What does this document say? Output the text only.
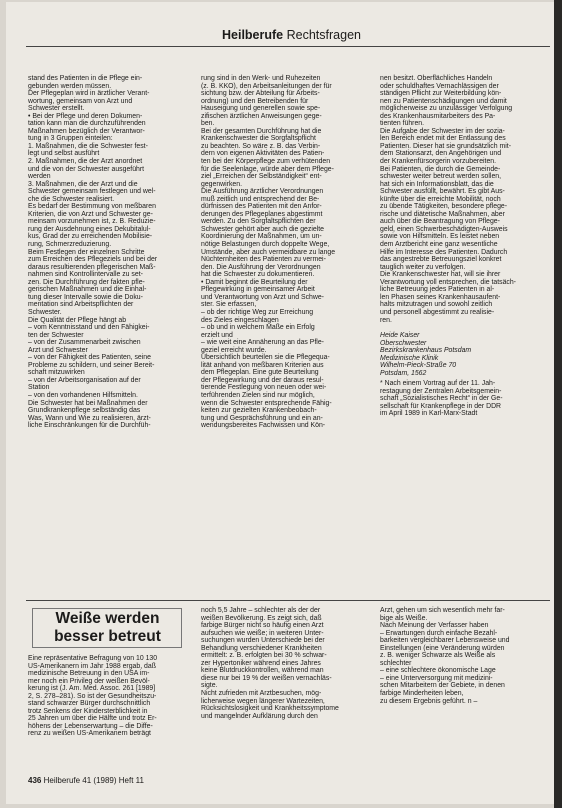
Heilberufe Rechtsfragen

stand des Patienten in die Pflege ein-

gebunden werden müssen.

Der Pflegeplan wird in ärztlicher Verant-

wortung, gemeinsam von Arzt und

Schwester erstellt.

• Bei der Pflege und deren Dokumen-

tation kann man die durchzuführenden

Maßnahmen bezüglich der Verantwor-

tung in 3 Gruppen einteilen:

1. Maßnahmen, die die Schwester fest-

legt und selbst ausführt

2. Maßnahmen, die der Arzt anordnet

und die von der Schwester ausgeführt

werden

3. Maßnahmen, die der Arzt und die

Schwester gemeinsam festlegen und wel-

che die Schwester realisiert.

Es bedarf der Bestimmung von meßbaren

Kriterien, die von Arzt und Schwester ge-

meinsam vorzunehmen ist, z. B. Reduzie-

rung der Ausdehnung eines Dekubitalul-

kus, Grad der zu erreichenden Mobilisie-

rung, Schmerzreduzierung.

Beim Festlegen der einzelnen Schritte

zum Erreichen des Pflegeziels und bei der

daraus resultierenden pflegerischen Maß-

nahmen sind Kontrollintervalle zu set-

zen. Die Durchführung der fakten pfle-

gerischen Maßnahmen und die Einhal-

tung dieser Intervalle sowie die Doku-

mentation sind Arbeitspflichten der

Schwester.

Die Qualität der Pflege hängt ab

– vom Kenntnisstand und den Fähigkei-

ten der Schwester

– von der Zusammenarbeit zwischen

Arzt und Schwester

– von der Fähigkeit des Patienten, seine

Probleme zu schildern, und seiner Bereit-

schaft mitzuwirken

– von der Arbeitsorganisation auf der

Station

– von den vorhandenen Hilfsmitteln.

Die Schwester hat bei Maßnahmen der

Grundkrankenpflege selbständig das

Was, Wann und Wie zu realisieren, ärzt-

liche Einschränkungen für die Durchfüh-

rung sind in den Werk- und Ruhezeiten

(z. B. KKO), den Arbeitsanleitungen der für

sichtung bzw. der Abteilung für Arbeits-

ordnung) und den Betreibenden für

Hauseigung und generellen sowie spe-

zifischen ärztlichen Anweisungen gege-

ben.

Bei der gesamten Durchführung hat die

Krankenschwester die Sorgfaltspflicht

zu beachten. So wäre z. B. das Verbin-

dern von eigenen Aktivitäten des Patien-

ten bei der Körperpflege zum verhütenden

für die Seelenlage, würde aber dem Pflege-

ziel „Erreichen der Selbständigkeit“ ent-

gegenwirken.

Die Ausführung ärztlicher Verordnungen

muß zeitlich und entsprechend der Be-

dürfnissen des Patienten mit den Anfor-

derungen des Pflegeplanes abgestimmt

werden. Zu den Sorgfaltspflichten der

Schwester gehört aber auch die gezielte

Koordinierung der Maßnahmen, um un-

nötige Belastungen durch doppelte Wege,

Umstände, aber auch vermeidbare zu lange

Nüchternheiten des Patienten zu vermei-

den. Die Ausführung der Verordnungen

hat die Schwester zu dokumentieren.

• Damit beginnt die Beurteilung der

Pflegewirkung in gemeinsamer Arbeit

und Verantwortung von Arzt und Schwe-

ster. Sie erfassen,

– ob der richtige Weg zur Erreichung

des Zieles eingeschlagen

– ob und in welchem Maße ein Erfolg

erzielt und

– wie weit eine Annäherung an das Pfle-

geziel erreicht wurde.

Übersichtlich beurteilen sie die Pflegequa-

lität anhand von meßbaren Kriterien aus

dem Pflegeplan. Eine gute Beurteilung

der Pflegewirkung und der daraus resul-

tierende Festlegung von neuen oder wei-

terführenden Zielen sind nur möglich,

wenn die Schwester entsprechende Fähig-

keiten zur gezielten Krankenbeobach-

tung und Gesprächsführung und ein an-

wendungsbereites Fachwissen und Kön-

nen besitzt. Oberflächliches Handeln

oder schuldhaftes Vernachlässigen der

ständigen Pflicht zur Weiterbildung kön-

nen zu Patientenschädigungen und damit

möglicherweise zu unzulässiger Verfolgung

des Krankenhausmitarbeiters des Pa-

tienten führen.

Die Aufgabe der Schwester im der sozia-

len Bereich endet mit der Entlassung des

Patienten. Dieser hat sie grundsätzlich mit-

dem Stationsarzt, den Angehörigen und

der Krankenfürsorgerin vorzubereiten.

Bei Patienten, die durch die Gemeinde-

schwester weiter betreut werden sollen,

hat sich ein Informationsblatt, das die

Schwester ausfüllt, bewährt. Es gibt Aus-

künfte über die erreichte Mobilität, noch

zu übende Tätigkeiten, besondere pflege-

rische und diätetische Maßnahmen, aber

auch über die Beantragung von Pflege-

geld, einen Schwerbeschädigten-Ausweis

sowie von Hilfsmitteln. Es leistet neben

dem Arztbericht eine ganz wesentliche

Hilfe im Interesse des Patienten. Dadurch

das angestrebte Betreuungsziel konkret

tauglich weiter zu verfolgen.

Die Krankenschwester hat, will sie ihrer

Verantwortung voll entsprechen, die tatsäch-

liche Betreuung jedes Patienten in al-

len Phasen seines Krankenhausaufent-

halts mitzutragen und sowohl zeitlich

und personell abgestimmt zu realisie-

ren.

Heide Kaiser

Oberschwester

Bezirkskrankenhaus Potsdam

Medizinische Klinik

Wilhelm-Pieck-Straße 70

Potsdam, 1562

* Nach einem Vortrag auf der 11. Jah-

restagung der Zentralen Arbeitsgemein-

schaft „Sozialistisches Recht“ in der Ge-

sellschaft für Krankenpflege in der DDR

im April 1989 in Karl-Marx-Stadt

Weiße werden besser betreut

Eine repräsentative Befragung von 10 130

US-Amerikanern im Jahr 1988 ergab, daß

medizinische Betreuung in den USA im-

mer noch ein Privileg der weißen Bevöl-

kerung ist (J. Am. Med. Assoc. 261 [1989]

2, S. 278–281). So ist der Gesundheitszu-

stand schwarzer Bürger durchschnittlich

trotz Senkens der Kindersterblichkeit in

25 Jahren um über die Hälfte und trotz Er-

höhens der Lebenserwartung – die Diffe-

renz zu weißen US-Amerikanern beträgt

noch 5,5 Jahre – schlechter als der der

weißen Bevölkerung. Es zeigt sich, daß

farbige Bürger nicht so häufig einen Arzt

aufsuchen wie weiße; in weiteren Unter-

suchungen wurden Unterschiede bei der

Behandlung verschiedener Krankheiten

ermittelt: z. B. erfolgten bei 30 % schwar-

zer Hypertoniker während eines Jahres

keine Blutdruckkontrollen, während man

diese nur bei 19 % der weißen vernachläs-

sigte.

Nicht zufrieden mit Arztbesuchen, mög-

licherweise wegen längerer Wartezeiten,

Rücksichtslosigkeit und Krankheitssymptome

und mangelnder Aufklärung durch den

Arzt, gehen um sich wesentlich mehr far-

bige als Weiße.

Nach Meinung der Verfasser haben

– Erwartungen durch einfache Bezahl-

barkeiten vergleichbarer Lebensweise und

Einstellungen (eine Veränderung würden

z. B. weniger Schwarze als Weiße als

schlechter

– eine schlechtere ökonomische Lage

– eine Unterversorgung mit medizini-

schen Mitarbeitern der Gebiete, in denen

farbige Minderheiten leben,

zu diesem Ergebnis geführt. n –

436 Heilberufe 41 (1989) Heft 11
